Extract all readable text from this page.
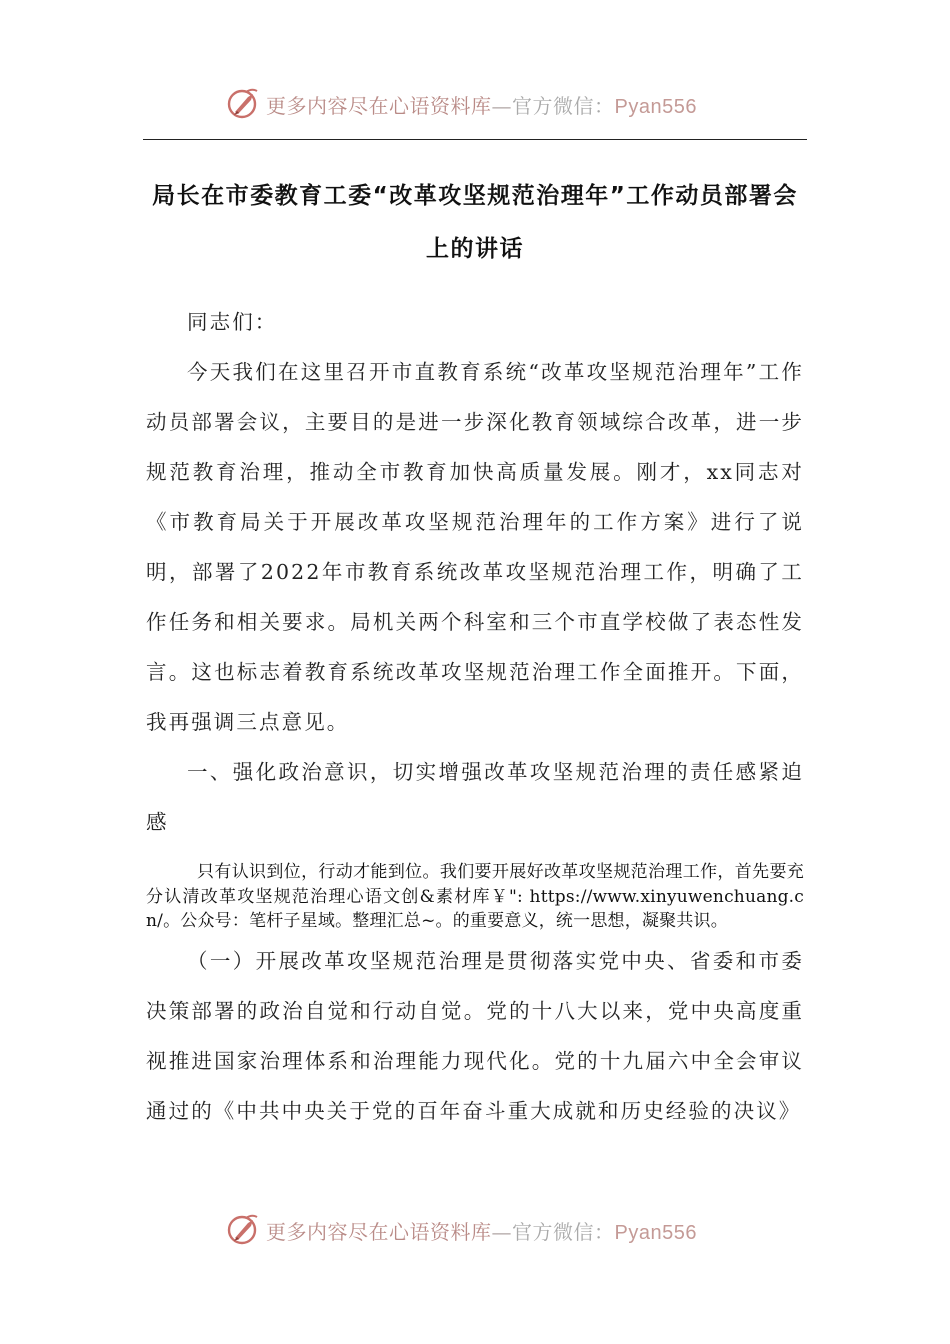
更多内容尽在心语资料库—官方微信：Pyan556
局长在市委教育工委“改革攻坚规范治理年”工作动员部署会上的讲话

同志们：

今天我们在这里召开市直教育系统“改革攻坚规范治理年”工作动员部署会议，主要目的是进一步深化教育领域综合改革，进一步规范教育治理，推动全市教育加快高质量发展。刚才，xx同志对《市教育局关于开展改革攻坚规范治理年的工作方案》进行了说明，部署了2022年市教育系统改革攻坚规范治理工作，明确了工作任务和相关要求。局机关两个科室和三个市直学校做了表态性发言。这也标志着教育系统改革攻坚规范治理工作全面推开。下面，我再强调三点意见。

一、强化政治意识，切实增强改革攻坚规范治理的责任感紧迫感

只有认识到位，行动才能到位。我们要开展好改革攻坚规范治理工作，首先要充分认清改革攻坚规范治理心语文创&素材库￥": https://www.xinyuwenchuang.cn/。公众号：笔杆子星域。整理汇总~。的重要意义，统一思想，凝聚共识。

（一）开展改革攻坚规范治理是贯彻落实党中央、省委和市委决策部署的政治自觉和行动自觉。党的十八大以来，党中央高度重视推进国家治理体系和治理能力现代化。党的十九届六中全会审议通过的《中共中央关于党的百年奋斗重大成就和历史经验的决议》

更多内容尽在心语资料库—官方微信：Pyan556
